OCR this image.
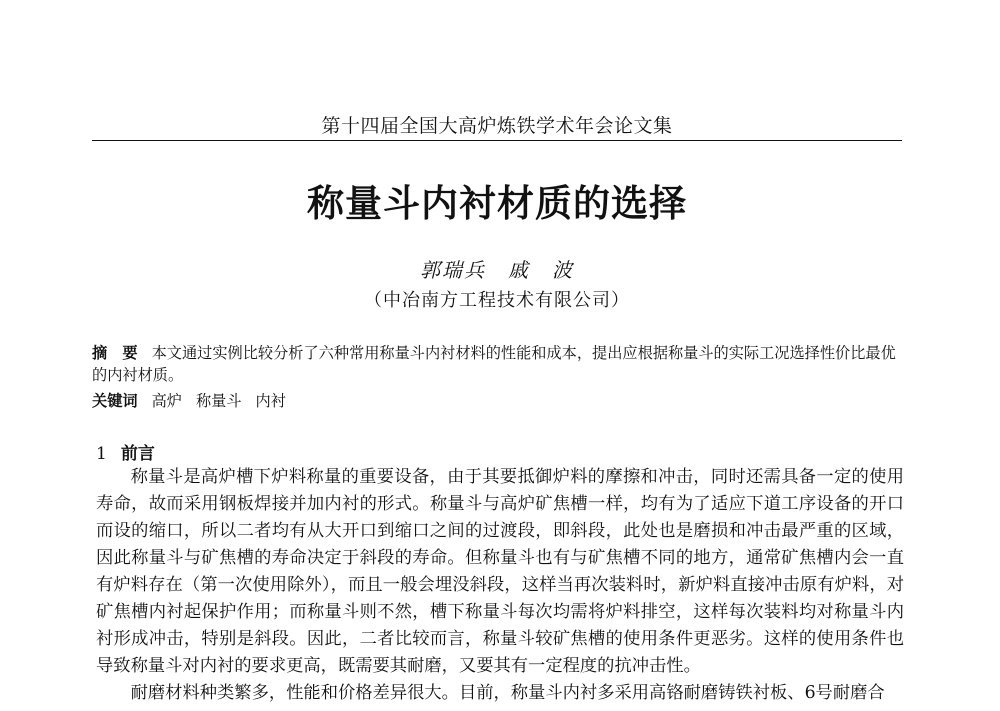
第十四届全国大高炉炼铁学术年会论文集
称量斗内衬材质的选择
郭瑞兵　戚　波
（中冶南方工程技术有限公司）
摘　要 本文通过实例比较分析了六种常用称量斗内衬材料的性能和成本，提出应根据称量斗的实际工况选择性价比最优的内衬材质。
关键词 高炉 称量斗 内衬
1 前言

称量斗是高炉槽下炉料称量的重要设备，由于其要抵御炉料的摩擦和冲击，同时还需具备一定的使用寿命，故而采用钢板焊接并加内衬的形式。称量斗与高炉矿焦槽一样，均有为了适应下道工序设备的开口而设的缩口，所以二者均有从大开口到缩口之间的过渡段，即斜段，此处也是磨损和冲击最严重的区域，因此称量斗与矿焦槽的寿命决定于斜段的寿命。但称量斗也有与矿焦槽不同的地方，通常矿焦槽内会一直有炉料存在（第一次使用除外），而且一般会埋没斜段，这样当再次装料时，新炉料直接冲击原有炉料，对矿焦槽内衬起保护作用；而称量斗则不然，槽下称量斗每次均需将炉料排空，这样每次装料均对称量斗内衬形成冲击，特别是斜段。因此，二者比较而言，称量斗较矿焦槽的使用条件更恶劣。这样的使用条件也导致称量斗对内衬的要求更高，既需要其耐磨，又要其有一定程度的抗冲击性。

耐磨材料种类繁多，性能和价格差异很大。目前，称量斗内衬多采用高铬耐磨铸铁衬板、6号耐磨合
